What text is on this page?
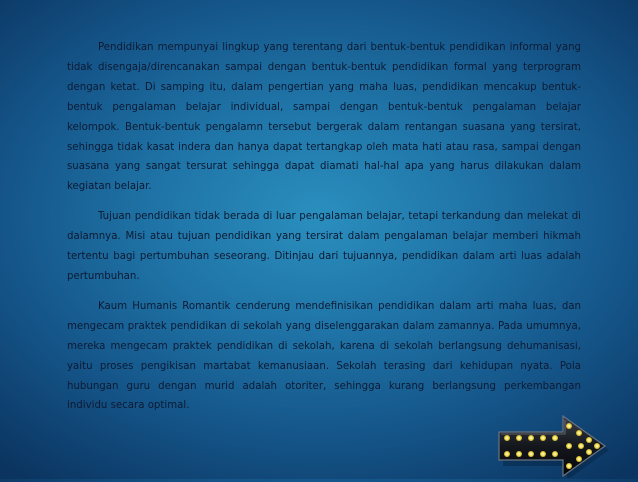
Pendidikan mempunyai lingkup yang terentang dari bentuk-bentuk pendidikan informal yang tidak disengaja/direncanakan sampai dengan bentuk-bentuk pendidikan formal yang terprogram dengan ketat. Di samping itu, dalam pengertian yang maha luas, pendidikan mencakup bentuk-bentuk pengalaman belajar individual, sampai dengan bentuk-bentuk pengalaman belajar kelompok. Bentuk-bentuk pengalamn tersebut bergerak dalam rentangan suasana yang tersirat, sehingga tidak kasat indera dan hanya dapat tertangkap oleh mata hati atau rasa, sampai dengan suasana yang sangat tersurat sehingga dapat diamati hal-hal apa yang harus dilakukan dalam kegiatan belajar.

Tujuan pendidikan tidak berada di luar pengalaman belajar, tetapi terkandung dan melekat di dalamnya. Misi atau tujuan pendidikan yang tersirat dalam pengalaman belajar memberi hikmah tertentu bagi pertumbuhan seseorang. Ditinjau dari tujuannya, pendidikan dalam arti luas adalah pertumbuhan.

Kaum Humanis Romantik cenderung mendefinisikan pendidikan dalam arti maha luas, dan mengecam praktek pendidikan di sekolah yang diselenggarakan dalam zamannya. Pada umumnya, mereka mengecam praktek pendidikan di sekolah, karena di sekolah berlangsung dehumanisasi, yaitu proses pengikisan martabat kemanusiaan. Sekolah terasing dari kehidupan nyata. Pola hubungan guru dengan murid adalah otoriter, sehingga kurang berlangsung perkembangan individu secara optimal.
